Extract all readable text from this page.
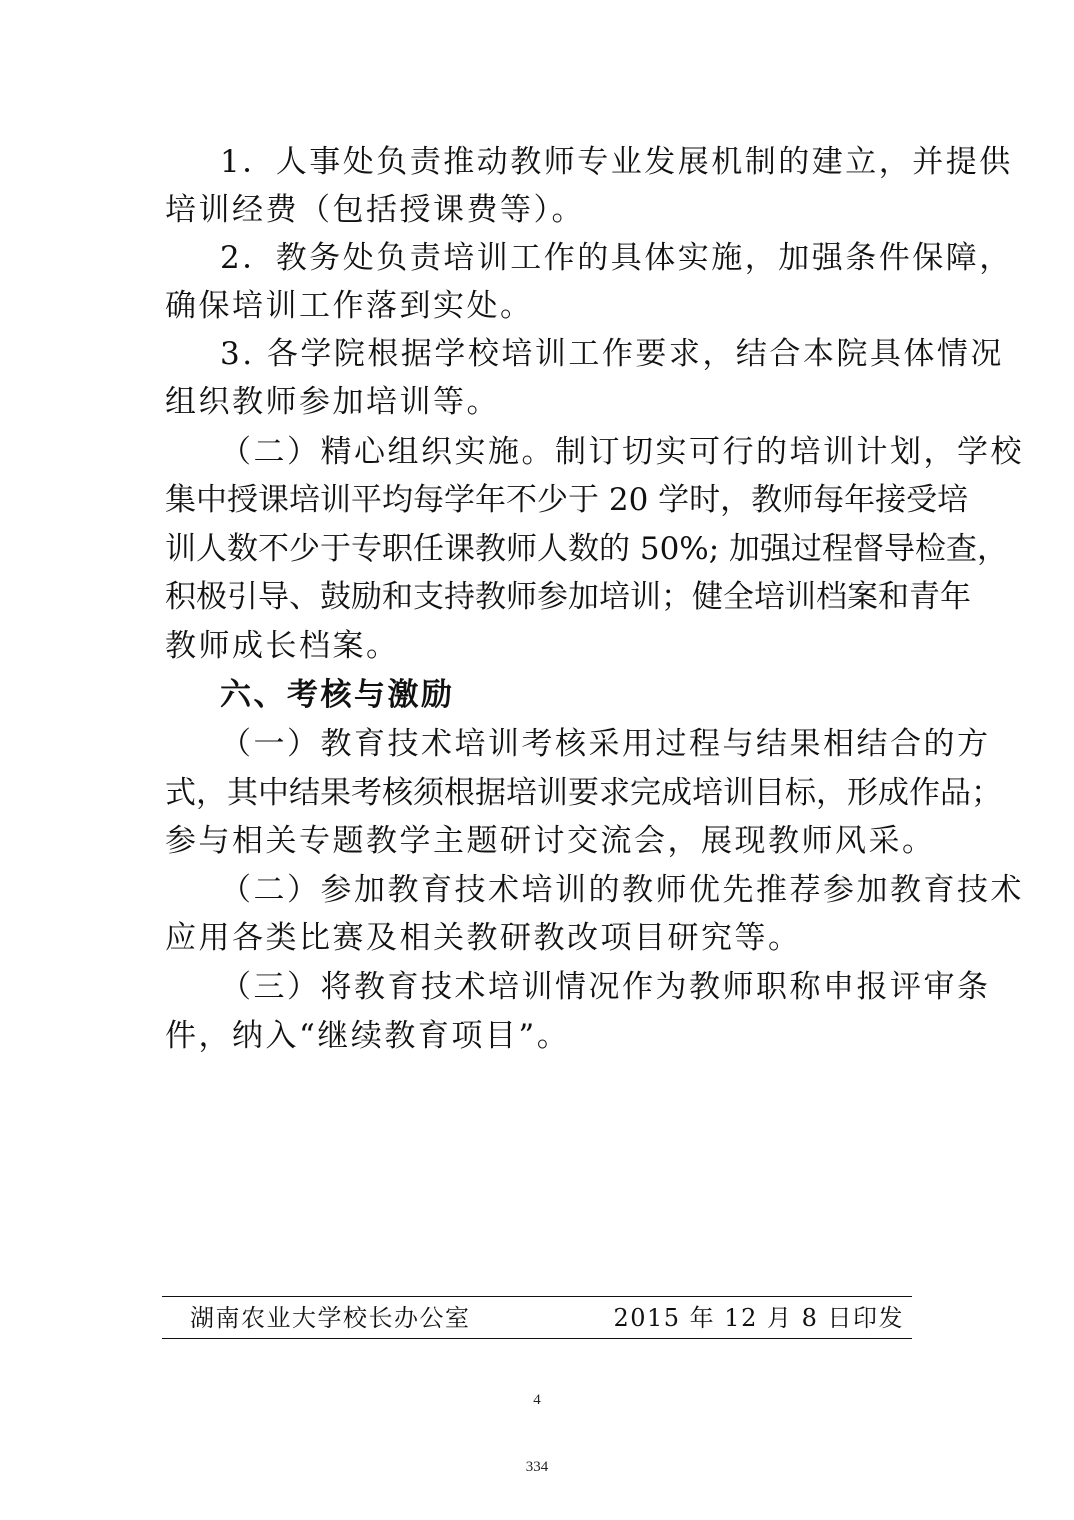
1．人事处负责推动教师专业发展机制的建立，并提供
培训经费（包括授课费等）。
2．教务处负责培训工作的具体实施，加强条件保障，
确保培训工作落到实处。
3. 各学院根据学校培训工作要求，结合本院具体情况
组织教师参加培训等。
（二）精心组织实施。制订切实可行的培训计划，学校
集中授课培训平均每学年不少于 20 学时，教师每年接受培
训人数不少于专职任课教师人数的 50%; 加强过程督导检查，
积极引导、鼓励和支持教师参加培训；健全培训档案和青年
教师成长档案。
六、考核与激励
（一）教育技术培训考核采用过程与结果相结合的方
式，其中结果考核须根据培训要求完成培训目标，形成作品；
参与相关专题教学主题研讨交流会，展现教师风采。
（二）参加教育技术培训的教师优先推荐参加教育技术
应用各类比赛及相关教研教改项目研究等。
（三）将教育技术培训情况作为教师职称申报评审条
件，纳入“继续教育项目”。
湖南农业大学校长办公室	2015 年 12 月 8 日印发
4
334
